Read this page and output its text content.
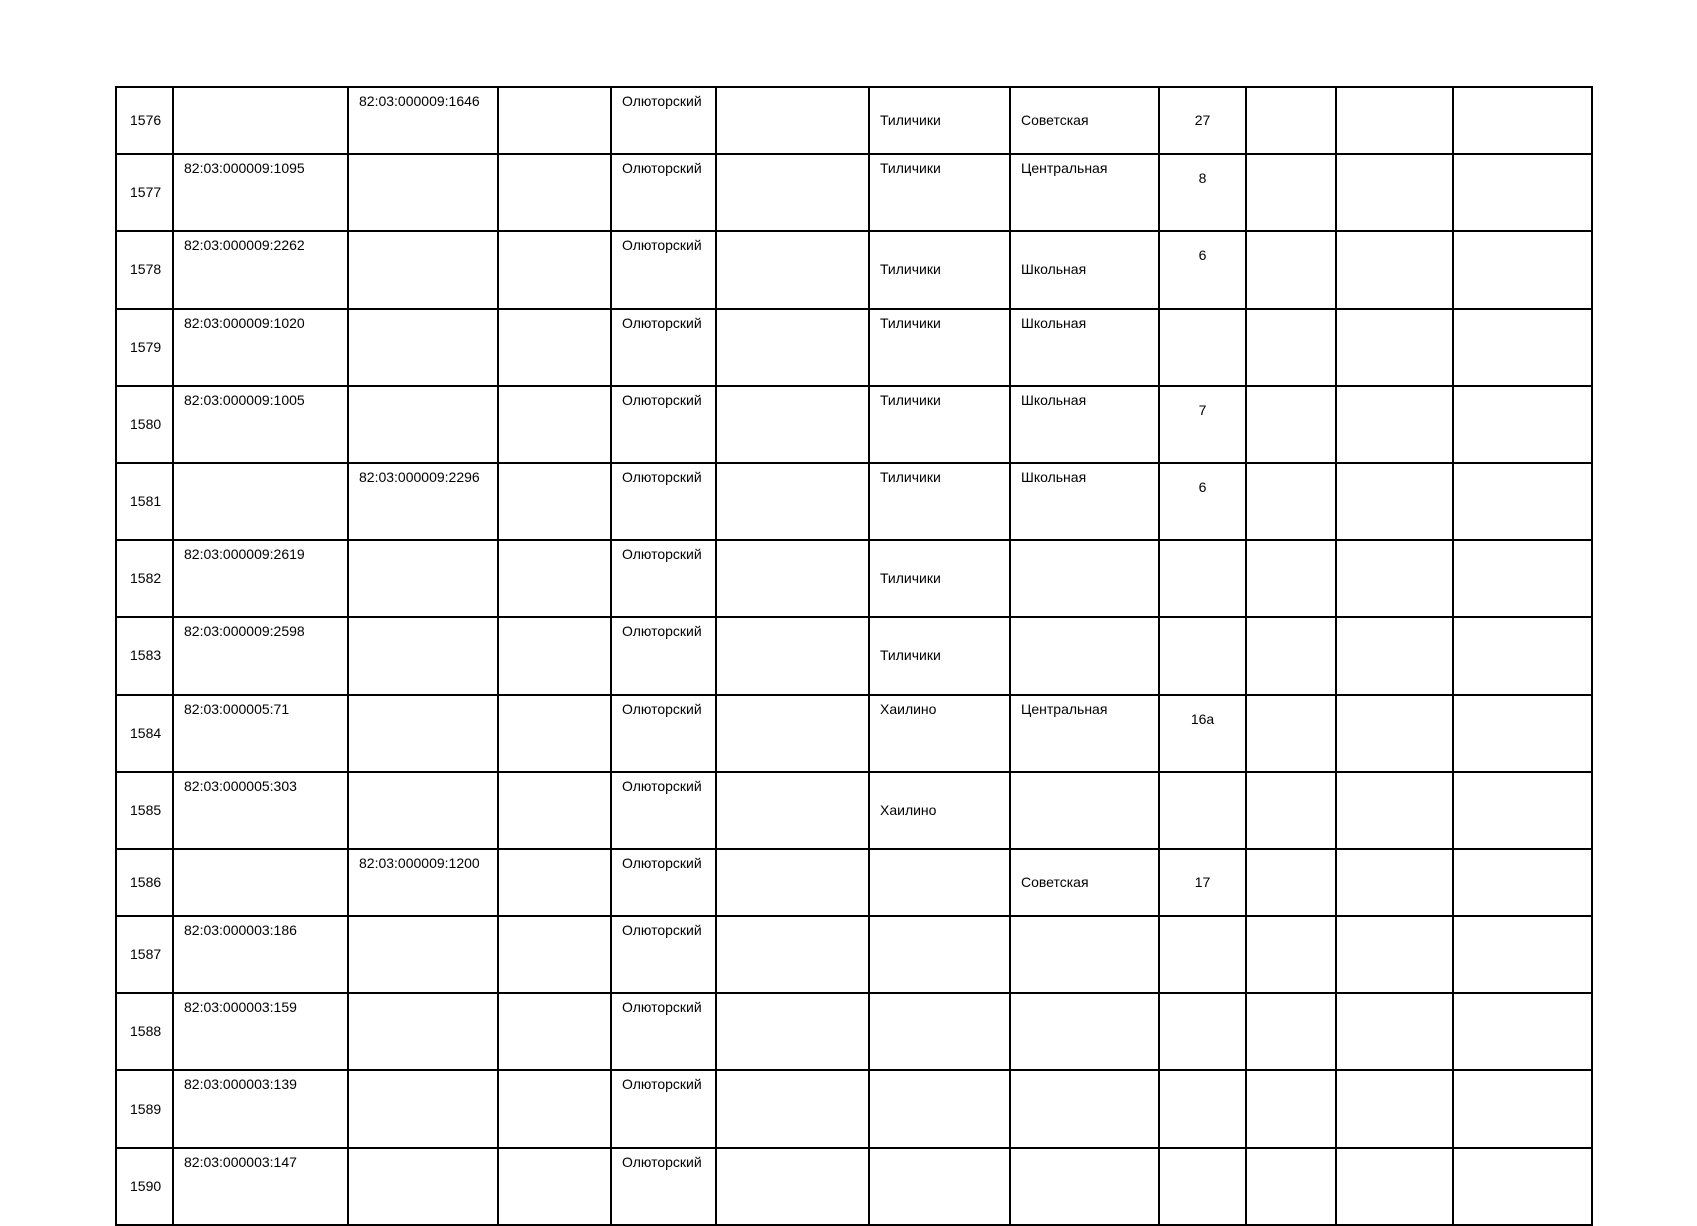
1576		82:03:000009:1646		Олюторский		Тиличики	Советская	27			
1577	82:03:000009:1095			Олюторский		Тиличики	Центральная	8			
1578	82:03:000009:2262			Олюторский		Тиличики	Школьная	6			
1579	82:03:000009:1020			Олюторский		Тиличики	Школьная				
1580	82:03:000009:1005			Олюторский		Тиличики	Школьная	7			
1581		82:03:000009:2296		Олюторский		Тиличики	Школьная	6			
1582	82:03:000009:2619			Олюторский		Тиличики					
1583	82:03:000009:2598			Олюторский		Тиличики					
1584	82:03:000005:71			Олюторский		Хаилино	Центральная	16а			
1585	82:03:000005:303			Олюторский		Хаилино					
1586		82:03:000009:1200		Олюторский			Советская	17			
1587	82:03:000003:186			Олюторский							
1588	82:03:000003:159			Олюторский							
1589	82:03:000003:139			Олюторский							
1590	82:03:000003:147			Олюторский							
